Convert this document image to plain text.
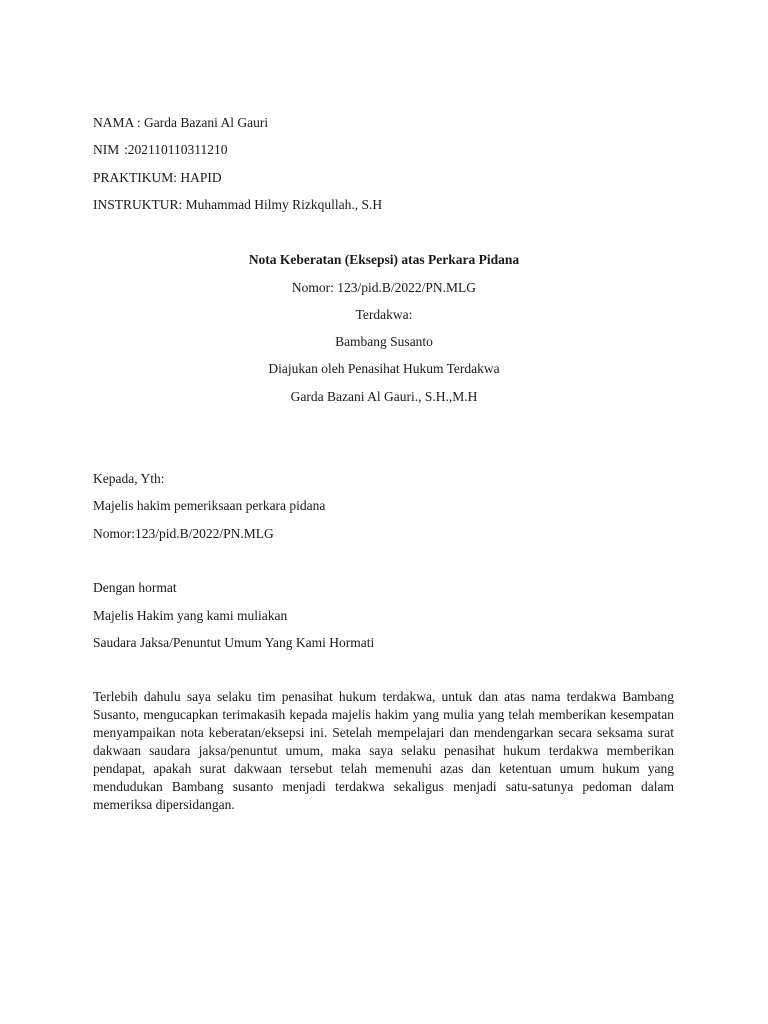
NAMA : Garda Bazani Al Gauri
NIM :202110110311210
PRAKTIKUM: HAPID
INSTRUKTUR: Muhammad Hilmy Rizkqullah., S.H
Nota Keberatan (Eksepsi) atas Perkara Pidana
Nomor: 123/pid.B/2022/PN.MLG
Terdakwa:
Bambang Susanto
Diajukan oleh Penasihat Hukum Terdakwa
Garda Bazani Al Gauri., S.H.,M.H
Kepada, Yth:
Majelis hakim pemeriksaan perkara pidana
Nomor:123/pid.B/2022/PN.MLG
Dengan hormat
Majelis Hakim yang kami muliakan
Saudara Jaksa/Penuntut Umum Yang Kami Hormati
Terlebih dahulu saya selaku tim penasihat hukum terdakwa, untuk dan atas nama terdakwa Bambang Susanto, mengucapkan terimakasih kepada majelis hakim yang mulia yang telah memberikan kesempatan menyampaikan nota keberatan/eksepsi ini. Setelah mempelajari dan mendengarkan secara seksama surat dakwaan saudara jaksa/penuntut umum, maka saya selaku penasihat hukum terdakwa memberikan pendapat, apakah surat dakwaan tersebut telah memenuhi azas dan ketentuan umum hukum yang mendudukan Bambang susanto menjadi terdakwa sekaligus menjadi satu-satunya pedoman dalam memeriksa dipersidangan.
